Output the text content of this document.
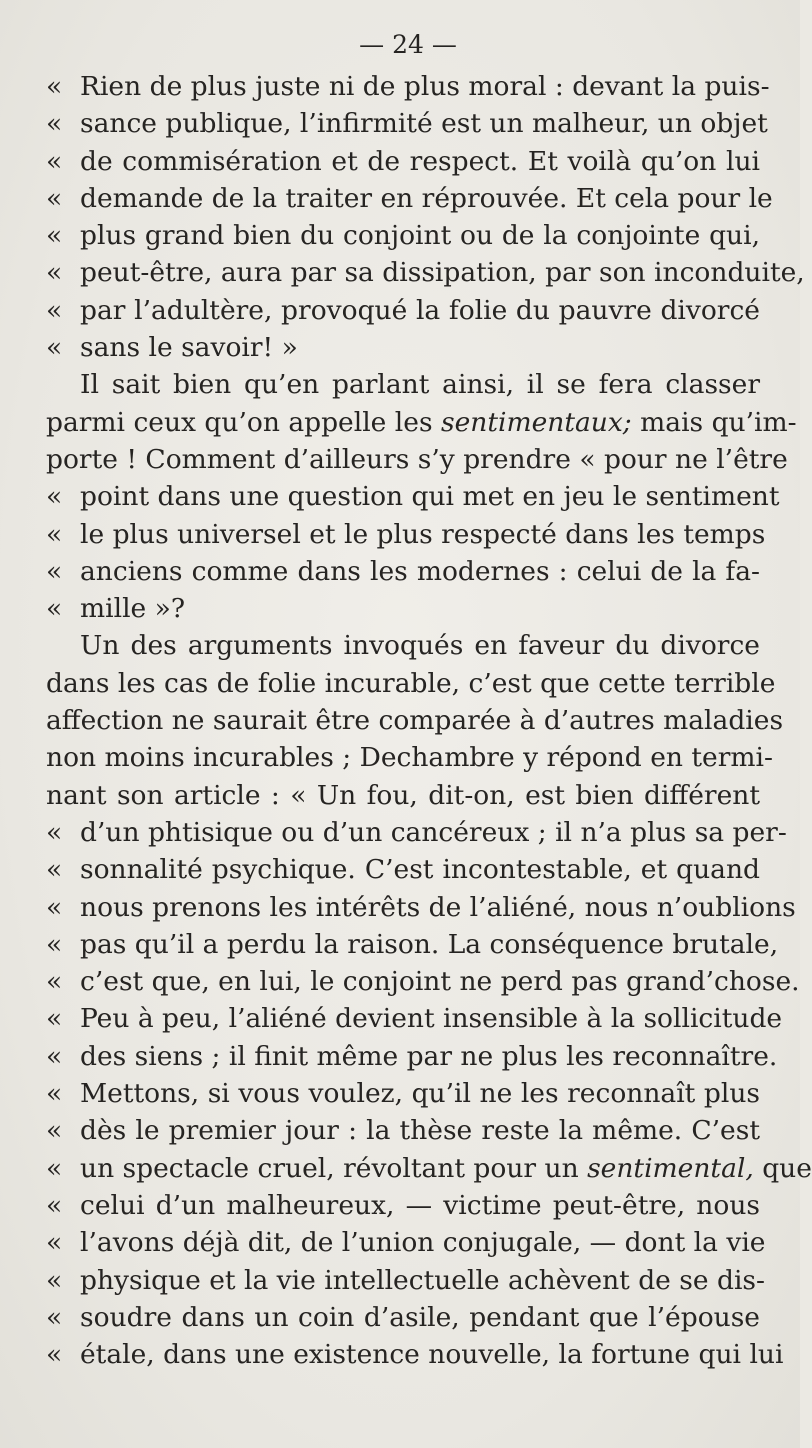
— 24 —
« Rien de plus juste ni de plus moral : devant la puis-
« sance publique, l’infirmité est un malheur, un objet
« de commisération et de respect. Et voilà qu’on lui
« demande de la traiter en réprouvée. Et cela pour le
« plus grand bien du conjoint ou de la conjointe qui,
« peut-être, aura par sa dissipation, par son inconduite,
« par l’adultère, provoqué la folie du pauvre divorcé
« sans le savoir! »
Il sait bien qu’en parlant ainsi, il se fera classer
parmi ceux qu’on appelle les sentimentaux; mais qu’im-
porte ! Comment d’ailleurs s’y prendre « pour ne l’être
« point dans une question qui met en jeu le sentiment
« le plus universel et le plus respecté dans les temps
« anciens comme dans les modernes : celui de la fa-
« mille »?
Un des arguments invoqués en faveur du divorce
dans les cas de folie incurable, c’est que cette terrible
affection ne saurait être comparée à d’autres maladies
non moins incurables ; Dechambre y répond en termi-
nant son article : « Un fou, dit-on, est bien différent
« d’un phtisique ou d’un cancéreux ; il n’a plus sa per-
« sonnalité psychique. C’est incontestable, et quand
« nous prenons les intérêts de l’aliéné, nous n’oublions
« pas qu’il a perdu la raison. La conséquence brutale,
« c’est que, en lui, le conjoint ne perd pas grand’chose.
« Peu à peu, l’aliéné devient insensible à la sollicitude
« des siens ; il finit même par ne plus les reconnaître.
« Mettons, si vous voulez, qu’il ne les reconnaît plus
« dès le premier jour : la thèse reste la même. C’est
« un spectacle cruel, révoltant pour un sentimental, que
« celui d’un malheureux, — victime peut-être, nous
« l’avons déjà dit, de l’union conjugale, — dont la vie
« physique et la vie intellectuelle achèvent de se dis-
« soudre dans un coin d’asile, pendant que l’épouse
« étale, dans une existence nouvelle, la fortune qui lui
